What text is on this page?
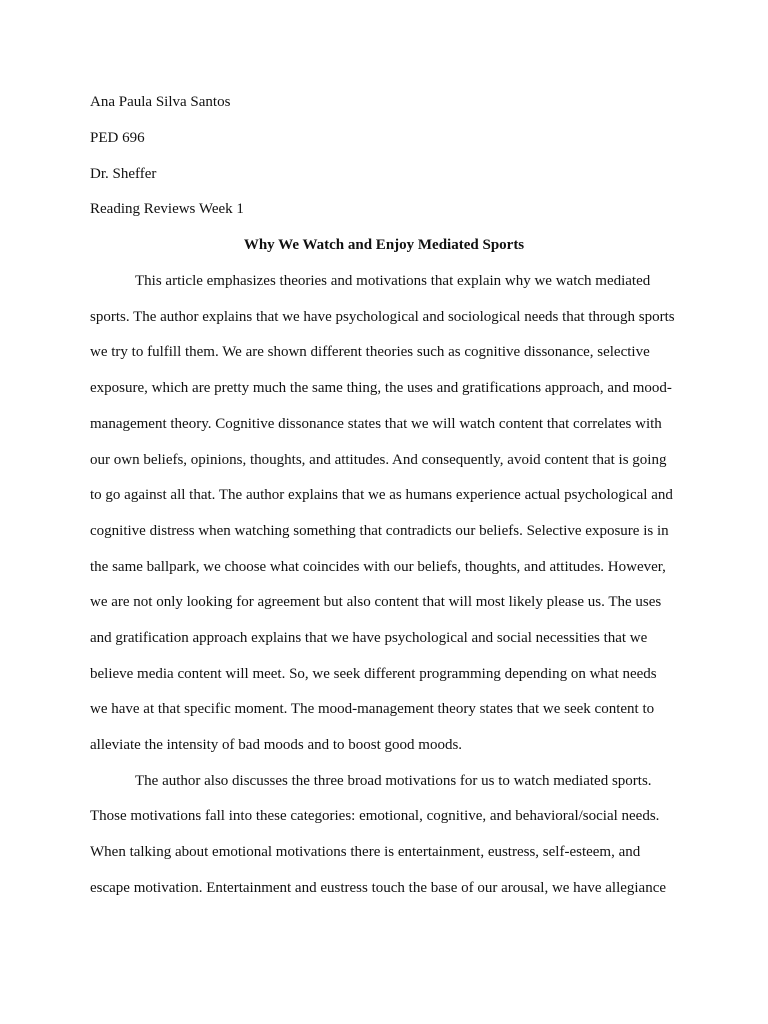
Ana Paula Silva Santos
PED 696
Dr. Sheffer
Reading Reviews Week 1
Why We Watch and Enjoy Mediated Sports
This article emphasizes theories and motivations that explain why we watch mediated
sports. The author explains that we have psychological and sociological needs that through sports
we try to fulfill them. We are shown different theories such as cognitive dissonance, selective
exposure, which are pretty much the same thing, the uses and gratifications approach, and mood-
management theory. Cognitive dissonance states that we will watch content that correlates with
our own beliefs, opinions, thoughts, and attitudes. And consequently, avoid content that is going
to go against all that. The author explains that we as humans experience actual psychological and
cognitive distress when watching something that contradicts our beliefs. Selective exposure is in
the same ballpark, we choose what coincides with our beliefs, thoughts, and attitudes. However,
we are not only looking for agreement but also content that will most likely please us. The uses
and gratification approach explains that we have psychological and social necessities that we
believe media content will meet. So, we seek different programming depending on what needs
we have at that specific moment. The mood-management theory states that we seek content to
alleviate the intensity of bad moods and to boost good moods.
The author also discusses the three broad motivations for us to watch mediated sports.
Those motivations fall into these categories: emotional, cognitive, and behavioral/social needs.
When talking about emotional motivations there is entertainment, eustress, self-esteem, and
escape motivation. Entertainment and eustress touch the base of our arousal, we have allegiance
